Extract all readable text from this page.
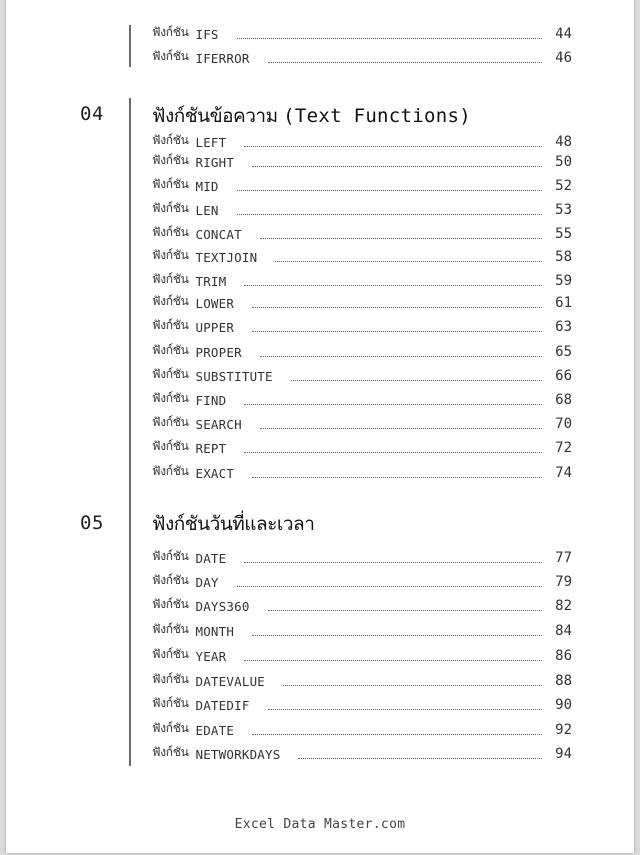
ฟังก์ชัน IFS	44
ฟังก์ชัน IFERROR	46
04	ฟังก์ชันข้อความ (Text Functions)
ฟังก์ชัน LEFT	48
ฟังก์ชัน RIGHT	50
ฟังก์ชัน MID	52
ฟังก์ชัน LEN	53
ฟังก์ชัน CONCAT	55
ฟังก์ชัน TEXTJOIN	58
ฟังก์ชัน TRIM	59
ฟังก์ชัน LOWER	61
ฟังก์ชัน UPPER	63
ฟังก์ชัน PROPER	65
ฟังก์ชัน SUBSTITUTE	66
ฟังก์ชัน FIND	68
ฟังก์ชัน SEARCH	70
ฟังก์ชัน REPT	72
ฟังก์ชัน EXACT	74
05	ฟังก์ชันวันที่และเวลา
ฟังก์ชัน DATE	77
ฟังก์ชัน DAY	79
ฟังก์ชัน DAYS360	82
ฟังก์ชัน MONTH	84
ฟังก์ชัน YEAR	86
ฟังก์ชัน DATEVALUE	88
ฟังก์ชัน DATEDIF	90
ฟังก์ชัน EDATE	92
ฟังก์ชัน NETWORKDAYS	94
Excel Data Master.com
